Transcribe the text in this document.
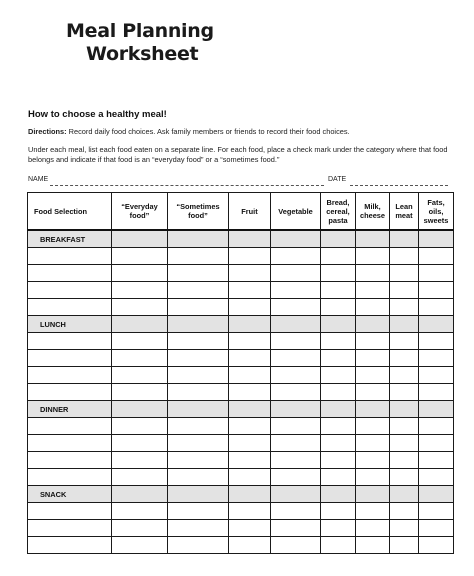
Meal Planning
Worksheet
How to choose a healthy meal!
Directions: Record daily food choices. Ask family members or friends to record their food choices.
Under each meal, list each food eaten on a separate line. For each food, place a check mark under the category where that food belongs and indicate if that food is an “everyday food” or a “sometimes food.”
NAME	DATE
Food Selection	“Everyday food”	“Sometimes food”	Fruit	Vegetable	Bread, cereal, pasta	Milk, cheese	Lean meat	Fats, oils, sweets
BREAKFAST								

LUNCH								

DINNER								

SNACK								
